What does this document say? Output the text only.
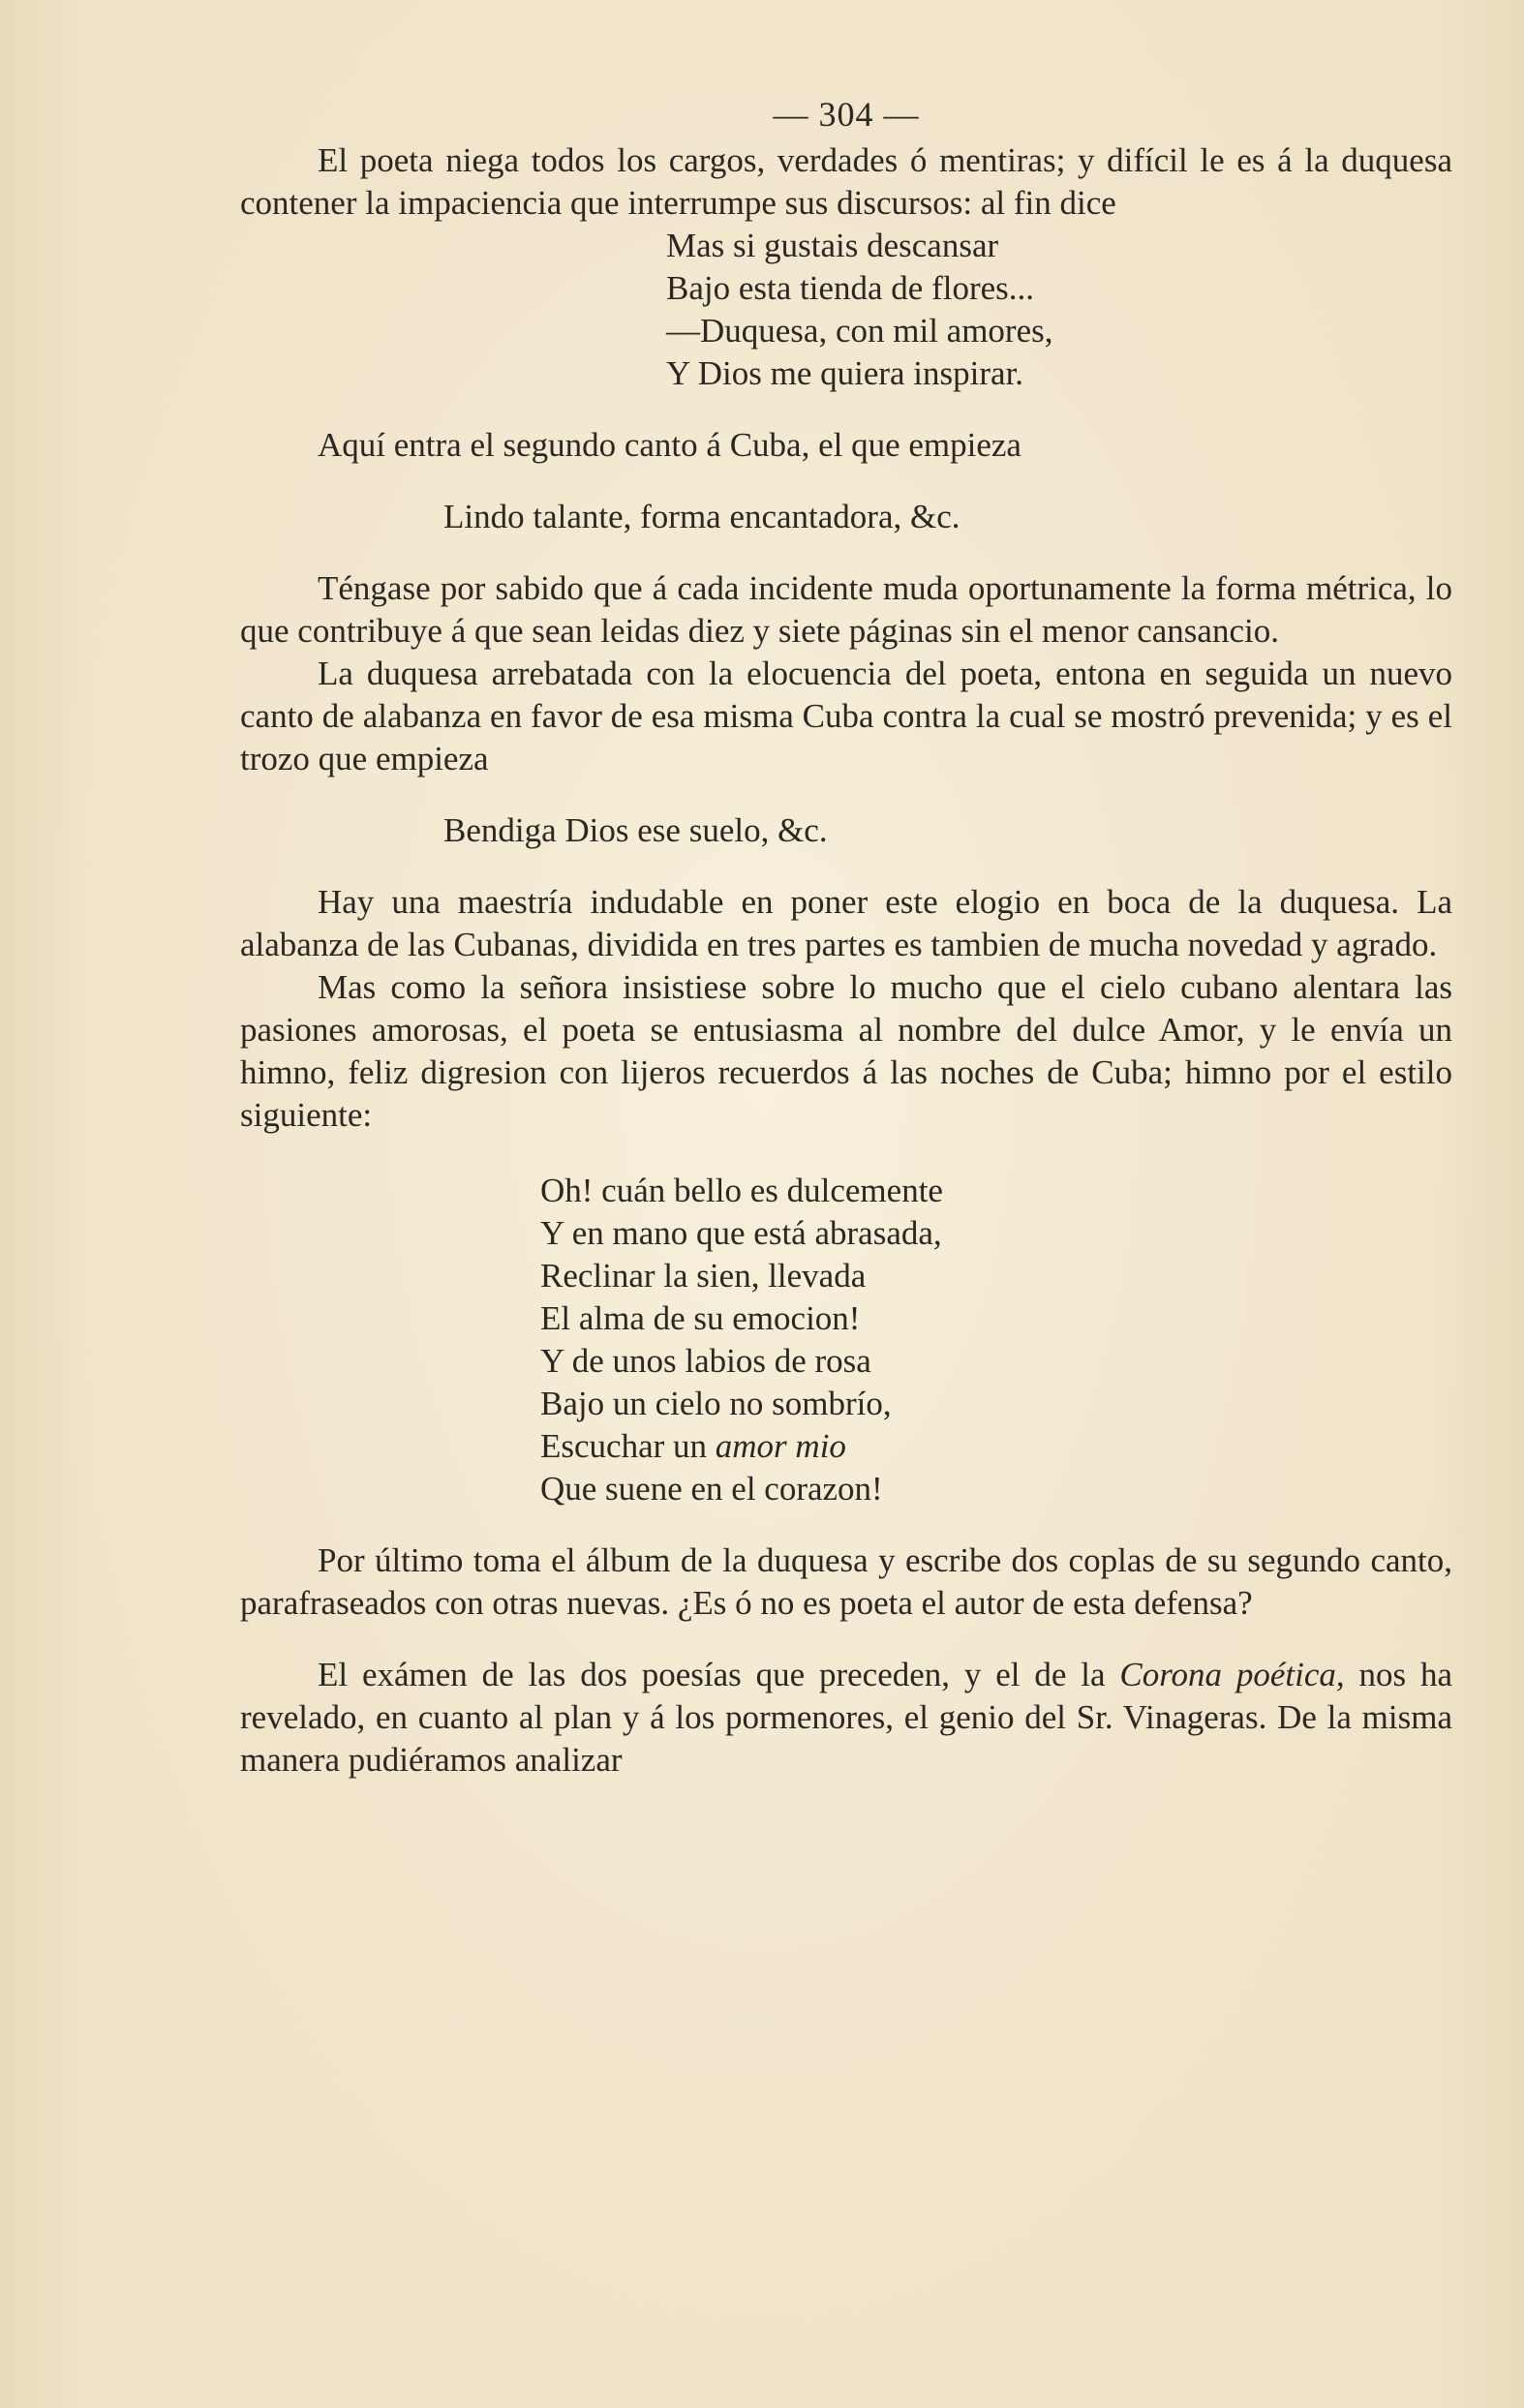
— 304 —

El poeta niega todos los cargos, verdades ó mentiras; y difícil le es á la duquesa contener la impaciencia que interrumpe sus discursos: al fin dice

Mas si gustais descansar
Bajo esta tienda de flores...
—Duquesa, con mil amores,
Y Dios me quiera inspirar.

Aquí entra el segundo canto á Cuba, el que empieza

Lindo talante, forma encantadora, &c.

Téngase por sabido que á cada incidente muda oportunamente la forma métrica, lo que contribuye á que sean leidas diez y siete páginas sin el menor cansancio.

La duquesa arrebatada con la elocuencia del poeta, entona en seguida un nuevo canto de alabanza en favor de esa misma Cuba contra la cual se mostró prevenida; y es el trozo que empieza

Bendiga Dios ese suelo, &c.

Hay una maestría indudable en poner este elogio en boca de la duquesa. La alabanza de las Cubanas, dividida en tres partes es tambien de mucha novedad y agrado.

Mas como la señora insistiese sobre lo mucho que el cielo cubano alentara las pasiones amorosas, el poeta se entusiasma al nombre del dulce Amor, y le envía un himno, feliz digresion con lijeros recuerdos á las noches de Cuba; himno por el estilo siguiente:

Oh! cuán bello es dulcemente
Y en mano que está abrasada,
Reclinar la sien, llevada
El alma de su emocion!
Y de unos labios de rosa
Bajo un cielo no sombrío,
Escuchar un amor mio
Que suene en el corazon!

Por último toma el álbum de la duquesa y escribe dos coplas de su segundo canto, parafraseados con otras nuevas. ¿Es ó no es poeta el autor de esta defensa?

El exámen de las dos poesías que preceden, y el de la Corona poética, nos ha revelado, en cuanto al plan y á los pormenores, el genio del Sr. Vinageras. De la misma manera pudiéramos analizar
